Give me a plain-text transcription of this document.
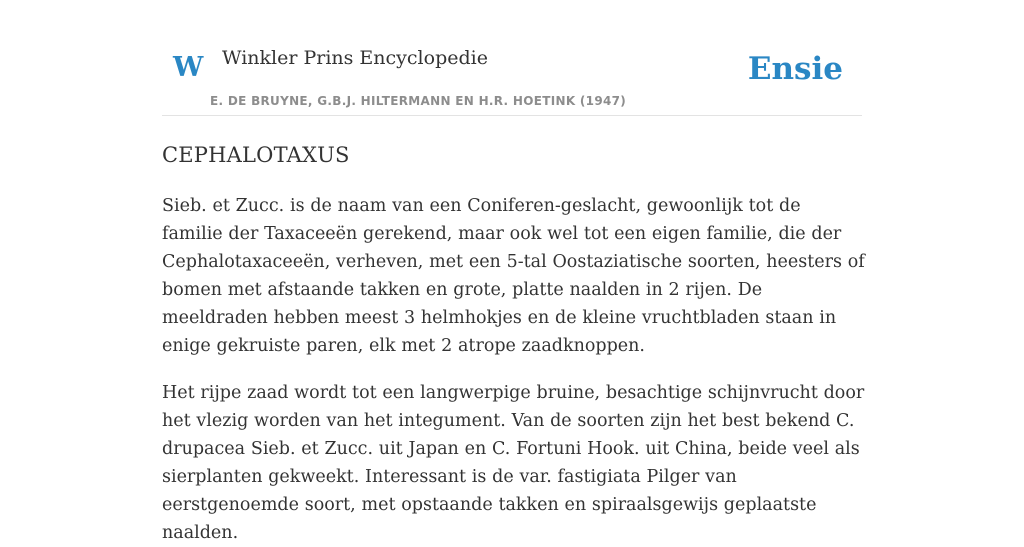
W Winkler Prins Encyclopedie
E. DE BRUYNE, G.B.J. HILTERMANN EN H.R. HOETINK (1947)
Ensie
CEPHALOTAXUS

Sieb. et Zucc. is de naam van een Coniferen-geslacht, gewoonlijk tot de familie der Taxaceeën gerekend, maar ook wel tot een eigen familie, die der Cephalotaxaceeën, verheven, met een 5-tal Oostaziatische soorten, heesters of bomen met afstaande takken en grote, platte naalden in 2 rijen. De meeldraden hebben meest 3 helmhokjes en de kleine vruchtbladen staan in enige gekruiste paren, elk met 2 atrope zaadknoppen.

Het rijpe zaad wordt tot een langwerpige bruine, besachtige schijnvrucht door het vlezig worden van het integument. Van de soorten zijn het best bekend C. drupacea Sieb. et Zucc. uit Japan en C. Fortuni Hook. uit China, beide veel als sierplanten gekweekt. Interessant is de var. fastigiata Pilger van eerstgenoemde soort, met opstaande takken en spiraalsgewijs geplaatste naalden.
